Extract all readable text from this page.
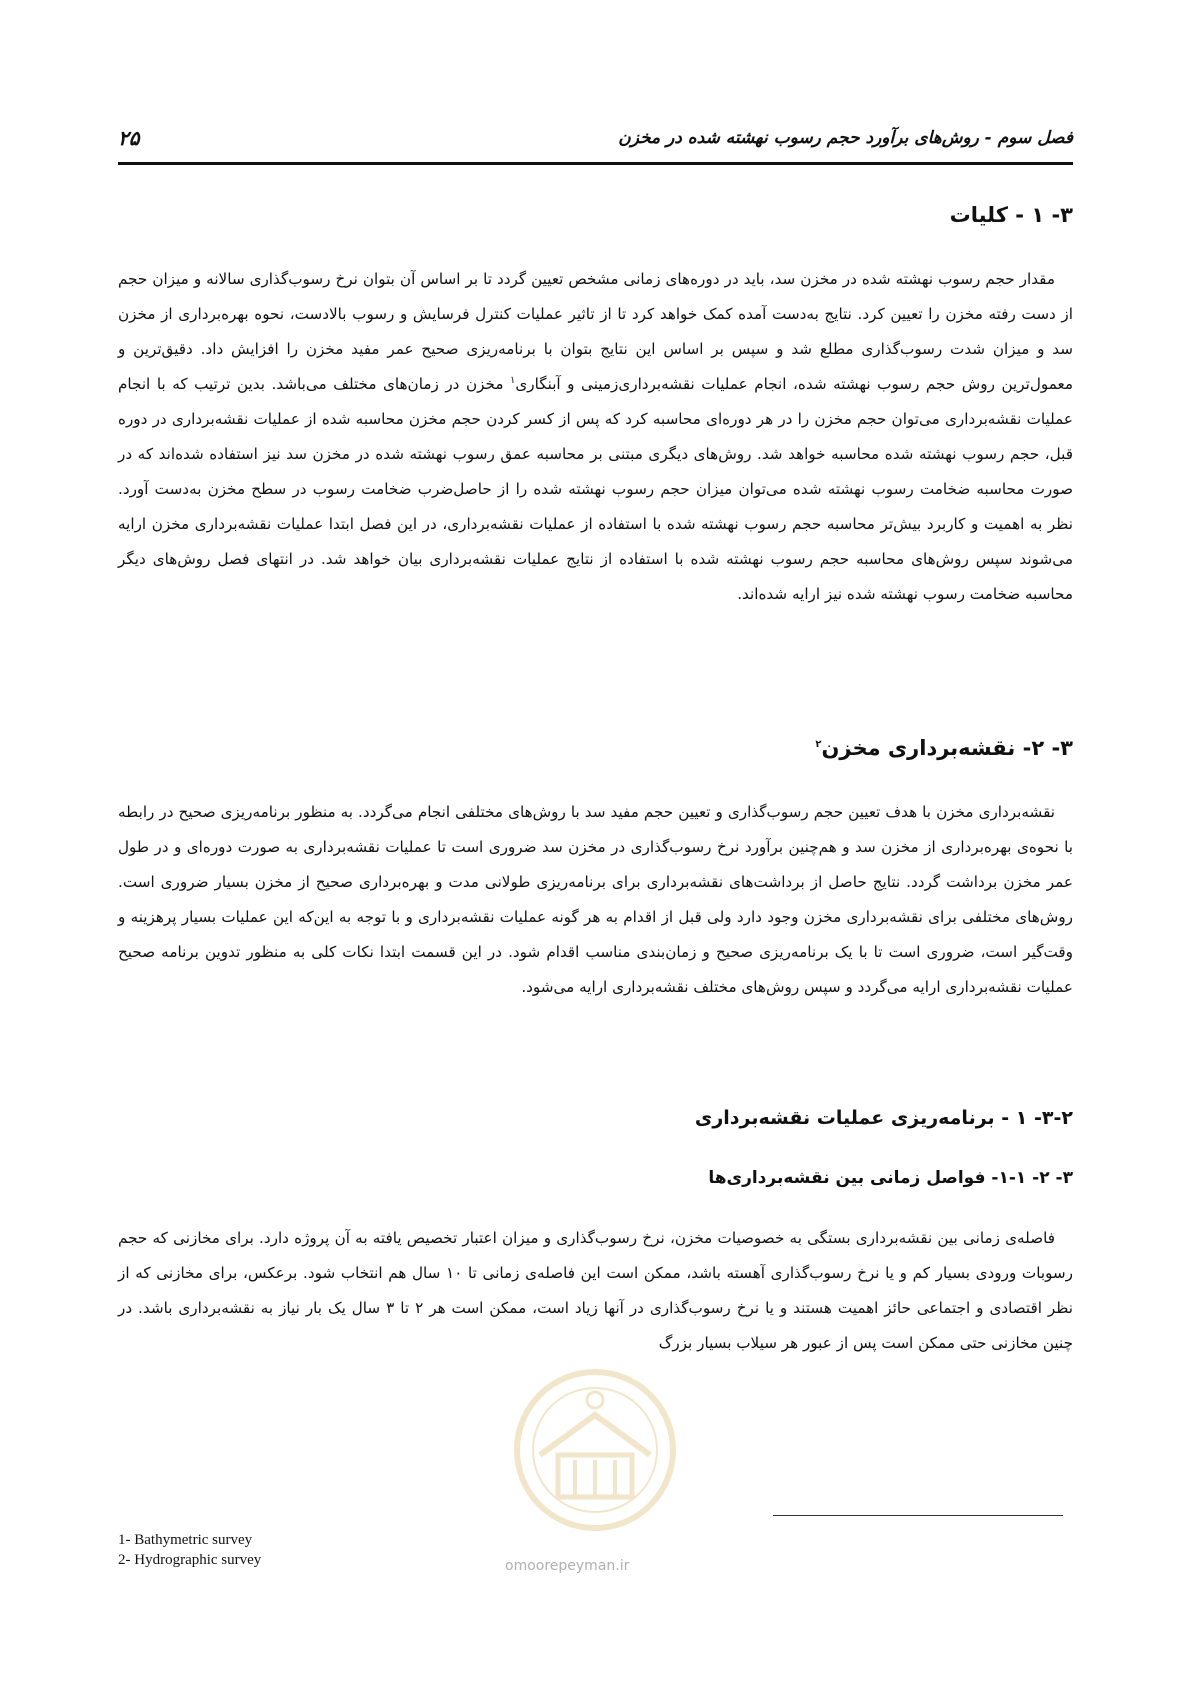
فصل سوم - روش‌های برآورد حجم رسوب نهشته شده در مخزن
۲۵
۳- ۱ - کلیات

مقدار حجم رسوب نهشته شده در مخزن سد، باید در دوره‌های زمانی مشخص تعیین گردد تا بر اساس آن بتوان نرخ رسوب‌گذاری سالانه و میزان حجم از دست رفته مخزن را تعیین کرد. نتایج به‌دست آمده کمک خواهد کرد تا از تاثیر عملیات کنترل فرسایش و رسوب بالادست، نحوه بهره‌برداری از مخزن سد و میزان شدت رسوب‌گذاری مطلع شد و سپس بر اساس این نتایج بتوان با برنامه‌ریزی صحیح عمر مفید مخزن را افزایش داد. دقیق‌ترین و معمول‌ترین روش حجم رسوب نهشته شده، انجام عملیات نقشه‌برداری‌زمینی و آبنگاری$^۱$ مخزن در زمان‌های مختلف می‌باشد. بدین ترتیب که با انجام عملیات نقشه‌برداری می‌توان حجم مخزن را در هر دوره‌ای محاسبه کرد که پس از کسر کردن حجم مخزن محاسبه شده از عملیات نقشه‌برداری در دوره قبل، حجم رسوب نهشته شده محاسبه خواهد شد. روش‌های دیگری مبتنی بر محاسبه عمق رسوب نهشته شده در مخزن سد نیز استفاده شده‌اند که در صورت محاسبه ضخامت رسوب نهشته شده می‌توان میزان حجم رسوب نهشته شده را از حاصل‌ضرب ضخامت رسوب در سطح مخزن به‌دست آورد. نظر به اهمیت و کاربرد بیش‌تر محاسبه حجم رسوب نهشته شده با استفاده از عملیات نقشه‌برداری، در این فصل ابتدا عملیات نقشه‌برداری مخزن ارایه می‌شوند سپس روش‌های محاسبه حجم رسوب نهشته شده با استفاده از نتایج عملیات نقشه‌برداری بیان خواهد شد. در انتهای فصل روش‌های دیگر محاسبه ضخامت رسوب نهشته شده نیز ارایه شده‌اند.

۳- ۲- نقشه‌برداری مخزن$^۲$

نقشه‌برداری مخزن با هدف تعیین حجم رسوب‌گذاری و تعیین حجم مفید سد با روش‌های مختلفی انجام می‌گردد. به منظور برنامه‌ریزی صحیح در رابطه با نحوه‌ی بهره‌برداری از مخزن سد و هم‌چنین برآورد نرخ رسوب‌گذاری در مخزن سد ضروری است تا عملیات نقشه‌برداری به صورت دوره‌ای و در طول عمر مخزن برداشت گردد. نتایج حاصل از برداشت‌های نقشه‌برداری برای برنامه‌ریزی طولانی مدت و بهره‌برداری صحیح از مخزن بسیار ضروری است. روش‌های مختلفی برای نقشه‌برداری مخزن وجود دارد ولی قبل از اقدام به هر گونه عملیات نقشه‌برداری و با توجه به این‌که این عملیات بسیار پرهزینه و وقت‌گیر است، ضروری است تا با یک برنامه‌ریزی صحیح و زمان‌بندی مناسب اقدام شود. در این قسمت ابتدا نکات کلی به منظور تدوین برنامه صحیح عملیات نقشه‌برداری ارایه می‌گردد و سپس روش‌های مختلف نقشه‌برداری ارایه می‌شود.

۳-۲- ۱ - برنامه‌ریزی عملیات نقشه‌برداری
۳- ۲- ۱-۱- فواصل زمانی بین نقشه‌برداری‌ها

فاصله‌ی زمانی بین نقشه‌برداری بستگی به خصوصیات مخزن، نرخ رسوب‌گذاری و میزان اعتبار تخصیص یافته به آن پروژه دارد. برای مخازنی که حجم رسوبات ورودی بسیار کم و یا نرخ رسوب‌گذاری آهسته باشد، ممکن است این فاصله‌ی زمانی تا ۱۰ سال هم انتخاب شود. برعکس، برای مخازنی که از نظر اقتصادی و اجتماعی حائز اهمیت هستند و یا نرخ رسوب‌گذاری در آنها زیاد است، ممکن است هر ۲ تا ۳ سال یک بار نیاز به نقشه‌برداری باشد. در چنین مخازنی حتی ممکن است پس از عبور هر سیلاب بسیار بزرگ

1- Bathymetric survey
2- Hydrographic survey	omoorepeyman.ir
